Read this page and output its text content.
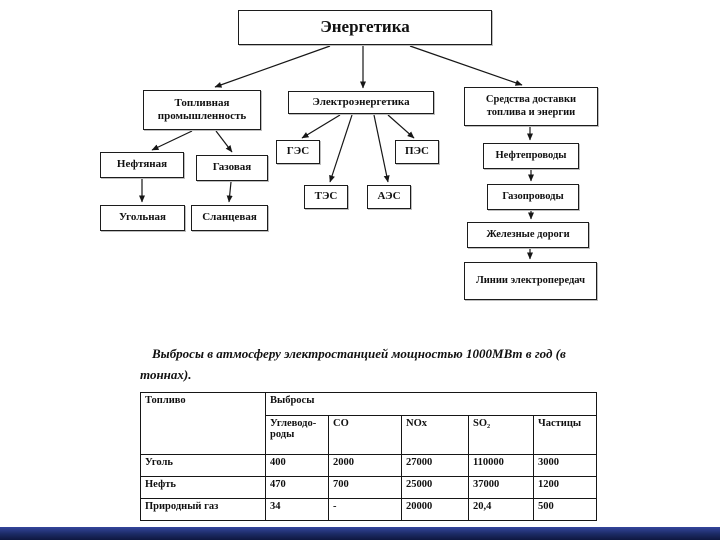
Энергетика
Топливная промышленность
Электроэнергетика	Средства доставки топлива и энергии
Нефтяная	Газовая
Угольная	Сланцевая
ГЭС	ПЭС
ТЭС	АЭС
Нефтепроводы
Газопроводы
Железные дороги
Линии электропередач
Выбросы в атмосферу электростанцией мощностью 1000МВт в год (в
тоннах).
Топливо	Выбросы				
	Углеводо-роды	CO	NOx	SO₂	Частицы
Уголь	400	2000	27000	110000	3000
Нефть	470	700	25000	37000	1200
Природный газ	34	-	20000	20,4	500
